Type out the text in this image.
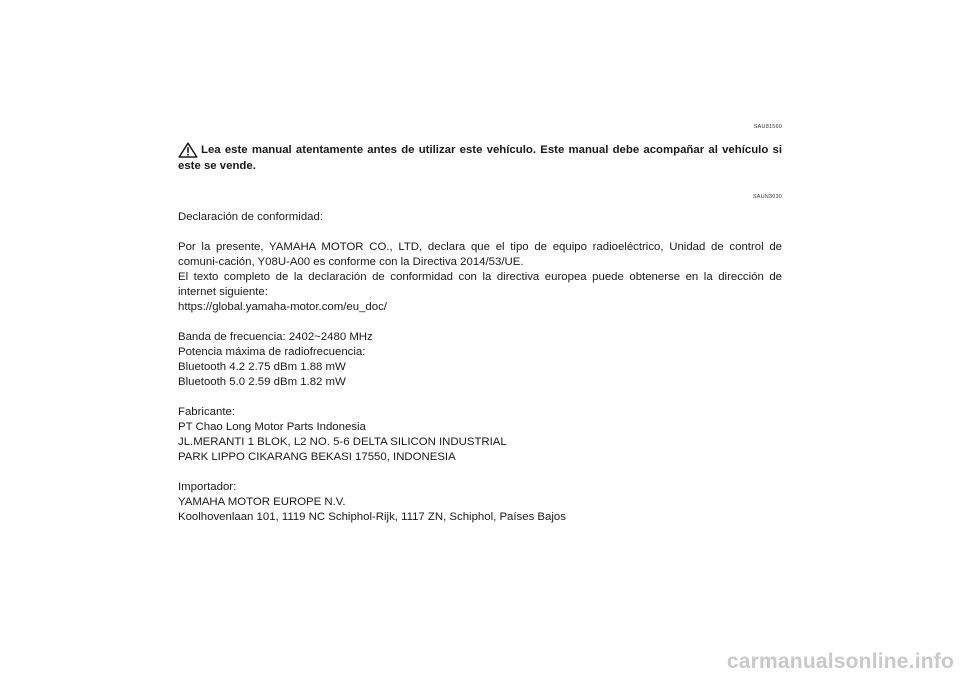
SAU81560
Lea este manual atentamente antes de utilizar este vehículo. Este manual debe acompañar al vehículo si este se vende.
SAUN3030
Declaración de conformidad:
Por la presente, YAMAHA MOTOR CO., LTD, declara que el tipo de equipo radioeléctrico, Unidad de control de comuni-cación, Y08U-A00 es conforme con la Directiva 2014/53/UE.
El texto completo de la declaración de conformidad con la directiva europea puede obtenerse en la dirección de internet siguiente:
https://global.yamaha-motor.com/eu_doc/
Banda de frecuencia: 2402~2480 MHz
Potencia máxima de radiofrecuencia:
Bluetooth 4.2 2.75 dBm 1.88 mW
Bluetooth 5.0 2.59 dBm 1.82 mW
Fabricante:
PT Chao Long Motor Parts Indonesia
JL.MERANTI 1 BLOK, L2 NO. 5-6 DELTA SILICON INDUSTRIAL
PARK LIPPO CIKARANG BEKASI 17550, INDONESIA
Importador:
YAMAHA MOTOR EUROPE N.V.
Koolhovenlaan 101, 1119 NC Schiphol-Rijk, 1117 ZN, Schiphol, Países Bajos
carmanualsonline.info
